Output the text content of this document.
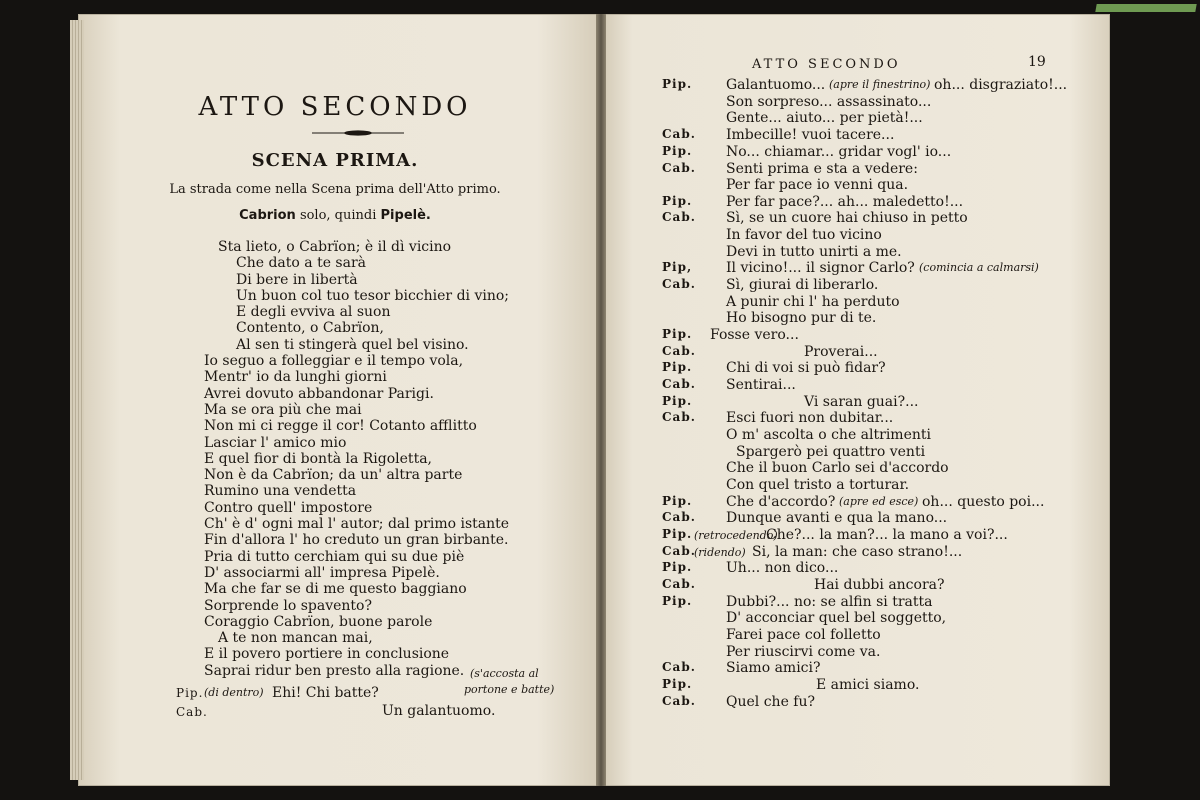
ATTO SECONDO
SCENA PRIMA.
La strada come nella Scena prima dell'Atto primo.
Cabrion solo, quindi Pipelè.
Sta lieto, o Cabrïon; è il dì vicino
Che dato a te sarà
Di bere in libertà
Un buon col tuo tesor bicchier di vino;
E degli evviva al suon
Contento, o Cabrïon,
Al sen ti stingerà quel bel visino.
Io seguo a folleggiar e il tempo vola,
Mentr' io da lunghi giorni
Avrei dovuto abbandonar Parigi.
Ma se ora più che mai
Non mi ci regge il cor! Cotanto afflitto
Lasciar l' amico mio
E quel fior di bontà la Rigoletta,
Non è da Cabrïon; da un' altra parte
Rumino una vendetta
Contro quell' impostore
Ch' è d' ogni mal l' autor; dal primo istante
Fin d'allora l' ho creduto un gran birbante.
Pria di tutto cerchiam qui su due piè
D' associarmi all' impresa Pipelè.
Ma che far se di me questo baggiano
Sorprende lo spavento?
Coraggio Cabrïon, buone parole
A te non mancan mai,
E il povero portiere in conclusione
Saprai ridur ben presto alla ragione. (s'accosta al
portone e batte)
Pip. (di dentro) Ehi! Chi batte?
Cab.	Un galantuomo.
ATTO SECONDO	19
Pip. Galantuomo... (apre il finestrino) oh... disgraziato!...
Son sorpreso... assassinato...
Gente... aiuto... per pietà!...
Cab. Imbecille! vuoi tacere...
Pip. No... chiamar... gridar vogl' io...
Cab. Senti prima e sta a vedere:
Per far pace io venni qua.
Pip. Per far pace?... ah... maledetto!...
Cab. Sì, se un cuore hai chiuso in petto
In favor del tuo vicino
Devi in tutto unirti a me.
Pip, Il vicino!... il signor Carlo? (comincia a calmarsi)
Cab. Sì, giurai di liberarlo.
A punir chi l' ha perduto
Ho bisogno pur di te.
Pip. Fosse vero...
Cab.	Proverai...
Pip. Chi di voi si può fidar?
Cab. Sentirai...
Pip.	Vi saran guai?...
Cab. Esci fuori non dubitar...
O m' ascolta o che altrimenti
Spargerò pei quattro venti
Che il buon Carlo sei d'accordo
Con quel tristo a torturar.
Pip. Che d'accordo? (apre ed esce) oh... questo poi...
Cab. Dunque avanti e qua la mano...
Pip. (retrocedendo)
Che?... la man?... la mano a voi?...
Cab.
(ridendo) Si, la man: che caso strano!...
Pip. Uh... non dico...
Cab.	Hai dubbi ancora?
Pip. Dubbi?... no: se alfin si tratta
D' acconciar quel bel soggetto,
Farei pace col folletto
Per riuscirvi come va.
Cab. Siamo amici?
Pip.	E amici siamo.
Cab. Quel che fu?
